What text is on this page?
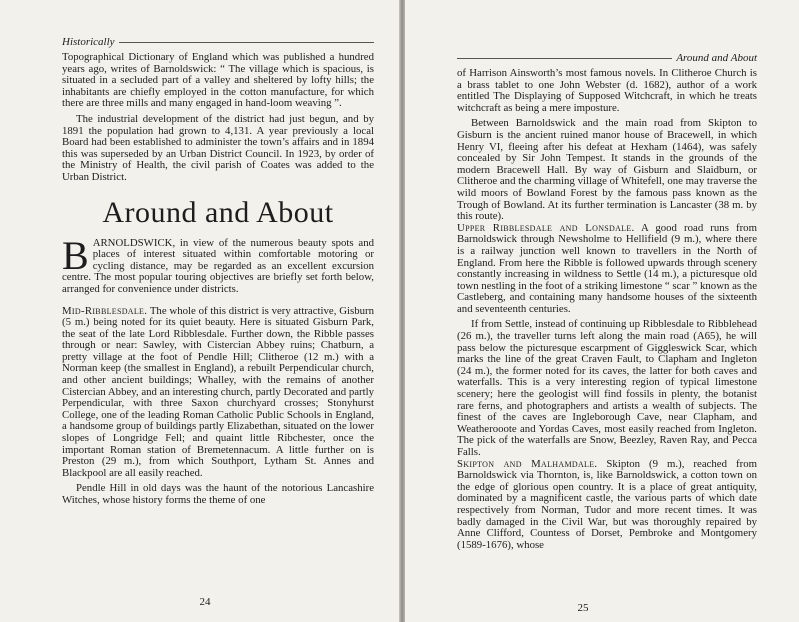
Historically

Topographical Dictionary of England which was published a hundred years ago, writes of Barnoldswick: “ The village which is spacious, is situated in a secluded part of a valley and sheltered by lofty hills; the inhabitants are chiefly employed in the cotton manufacture, for which there are three mills and many engaged in hand-loom weaving ”.

The industrial development of the district had just begun, and by 1891 the population had grown to 4,131. A year previously a local Board had been established to administer the town’s affairs and in 1894 this was superseded by an Urban District Council. In 1923, by order of the Ministry of Health, the civil parish of Coates was added to the Urban District.

Around and About

BARNOLDSWICK, in view of the numerous beauty spots and places of interest situated within comfortable motoring or cycling distance, may be regarded as an excellent excursion centre. The most popular touring objectives are briefly set forth below, arranged for convenience under districts.

Mid-Ribblesdale. The whole of this district is very attractive, Gisburn (5 m.) being noted for its quiet beauty. Here is situated Gisburn Park, the seat of the late Lord Ribblesdale. Further down, the Ribble passes through or near: Sawley, with Cistercian Abbey ruins; Chatburn, a pretty village at the foot of Pendle Hill; Clitheroe (12 m.) with a Norman keep (the smallest in England), a rebuilt Perpendicular church, and other ancient buildings; Whalley, with the remains of another Cistercian Abbey, and an interesting church, partly Decorated and partly Perpendicular, with three Saxon churchyard crosses; Stonyhurst College, one of the leading Roman Catholic Public Schools in England, a handsome group of buildings partly Elizabethan, situated on the lower slopes of Longridge Fell; and quaint little Ribchester, once the important Roman station of Bremetennacum. A little further on is Preston (29 m.), from which Southport, Lytham St. Annes and Blackpool are all easily reached.

Pendle Hill in old days was the haunt of the notorious Lancashire Witches, whose history forms the theme of one

24
Around and About

of Harrison Ainsworth’s most famous novels. In Clitheroe Church is a brass tablet to one John Webster (d. 1682), author of a work entitled The Displaying of Supposed Witchcraft, in which he treats witchcraft as being a mere imposture.

Between Barnoldswick and the main road from Skipton to Gisburn is the ancient ruined manor house of Bracewell, in which Henry VI, fleeing after his defeat at Hexham (1464), was safely concealed by Sir John Tempest. It stands in the grounds of the modern Bracewell Hall. By way of Gisburn and Slaidburn, or Clitheroe and the charming village of Whitefell, one may traverse the wild moors of Bowland Forest by the famous pass known as the Trough of Bowland. At its further termination is Lancaster (38 m. by this route).

Upper Ribblesdale and Lonsdale. A good road runs from Barnoldswick through Newsholme to Hellifield (9 m.), where there is a railway junction well known to travellers in the North of England. From here the Ribble is followed upwards through scenery constantly increasing in wildness to Settle (14 m.), a picturesque old town nestling in the foot of a striking limestone “ scar ” known as the Castleberg, and containing many handsome houses of the sixteenth and seventeenth centuries.

If from Settle, instead of continuing up Ribblesdale to Ribblehead (26 m.), the traveller turns left along the main road (A65), he will pass below the picturesque escarpment of Giggleswick Scar, which marks the line of the great Craven Fault, to Clapham and Ingleton (24 m.), the former noted for its caves, the latter for both caves and waterfalls. This is a very interesting region of typical limestone scenery; here the geologist will find fossils in plenty, the botanist rare ferns, and photographers and artists a wealth of subjects. The finest of the caves are Ingleborough Cave, near Clapham, and Weatherooote and Yordas Caves, most easily reached from Ingleton. The pick of the waterfalls are Snow, Beezley, Raven Ray, and Pecca Falls.

Skipton and Malhamdale. Skipton (9 m.), reached from Barnoldswick via Thornton, is, like Barnoldswick, a cotton town on the edge of glorious open country. It is a place of great antiquity, dominated by a magnificent castle, the various parts of which date respectively from Norman, Tudor and more recent times. It was badly damaged in the Civil War, but was thoroughly repaired by Anne Clifford, Countess of Dorset, Pembroke and Montgomery (1589-1676), whose

25
